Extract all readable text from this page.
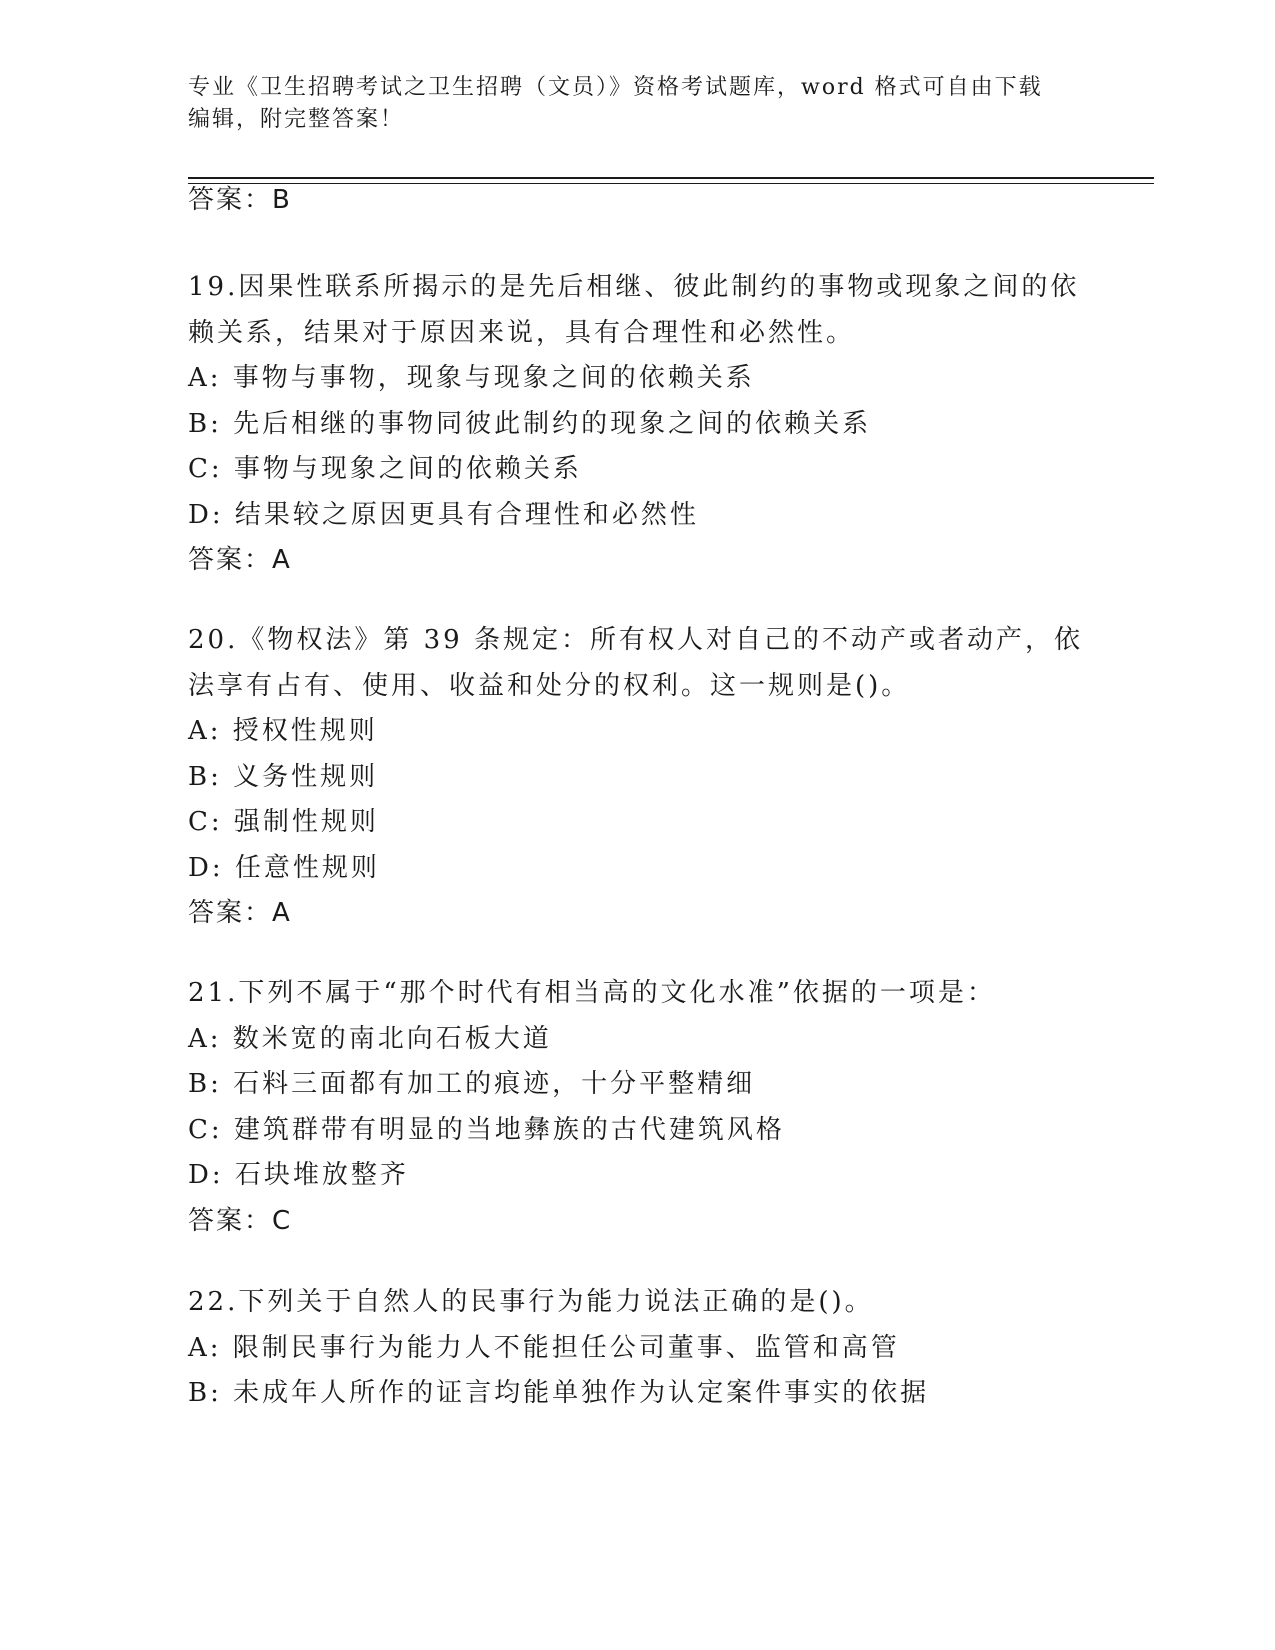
专业《卫生招聘考试之卫生招聘（文员）》资格考试题库，word 格式可自由下载
编辑，附完整答案！
答案：B
19.因果性联系所揭示的是先后相继、彼此制约的事物或现象之间的依
赖关系，结果对于原因来说，具有合理性和必然性。
A: 事物与事物，现象与现象之间的依赖关系
B: 先后相继的事物同彼此制约的现象之间的依赖关系
C: 事物与现象之间的依赖关系
D: 结果较之原因更具有合理性和必然性
答案：A
20.《物权法》第 39 条规定：所有权人对自己的不动产或者动产，依
法享有占有、使用、收益和处分的权利。这一规则是()。
A: 授权性规则
B: 义务性规则
C: 强制性规则
D: 任意性规则
答案：A
21.下列不属于“那个时代有相当高的文化水准”依据的一项是：
A: 数米宽的南北向石板大道
B: 石料三面都有加工的痕迹，十分平整精细
C: 建筑群带有明显的当地彝族的古代建筑风格
D: 石块堆放整齐
答案：C
22.下列关于自然人的民事行为能力说法正确的是()。
A: 限制民事行为能力人不能担任公司董事、监管和高管
B: 未成年人所作的证言均能单独作为认定案件事实的依据
